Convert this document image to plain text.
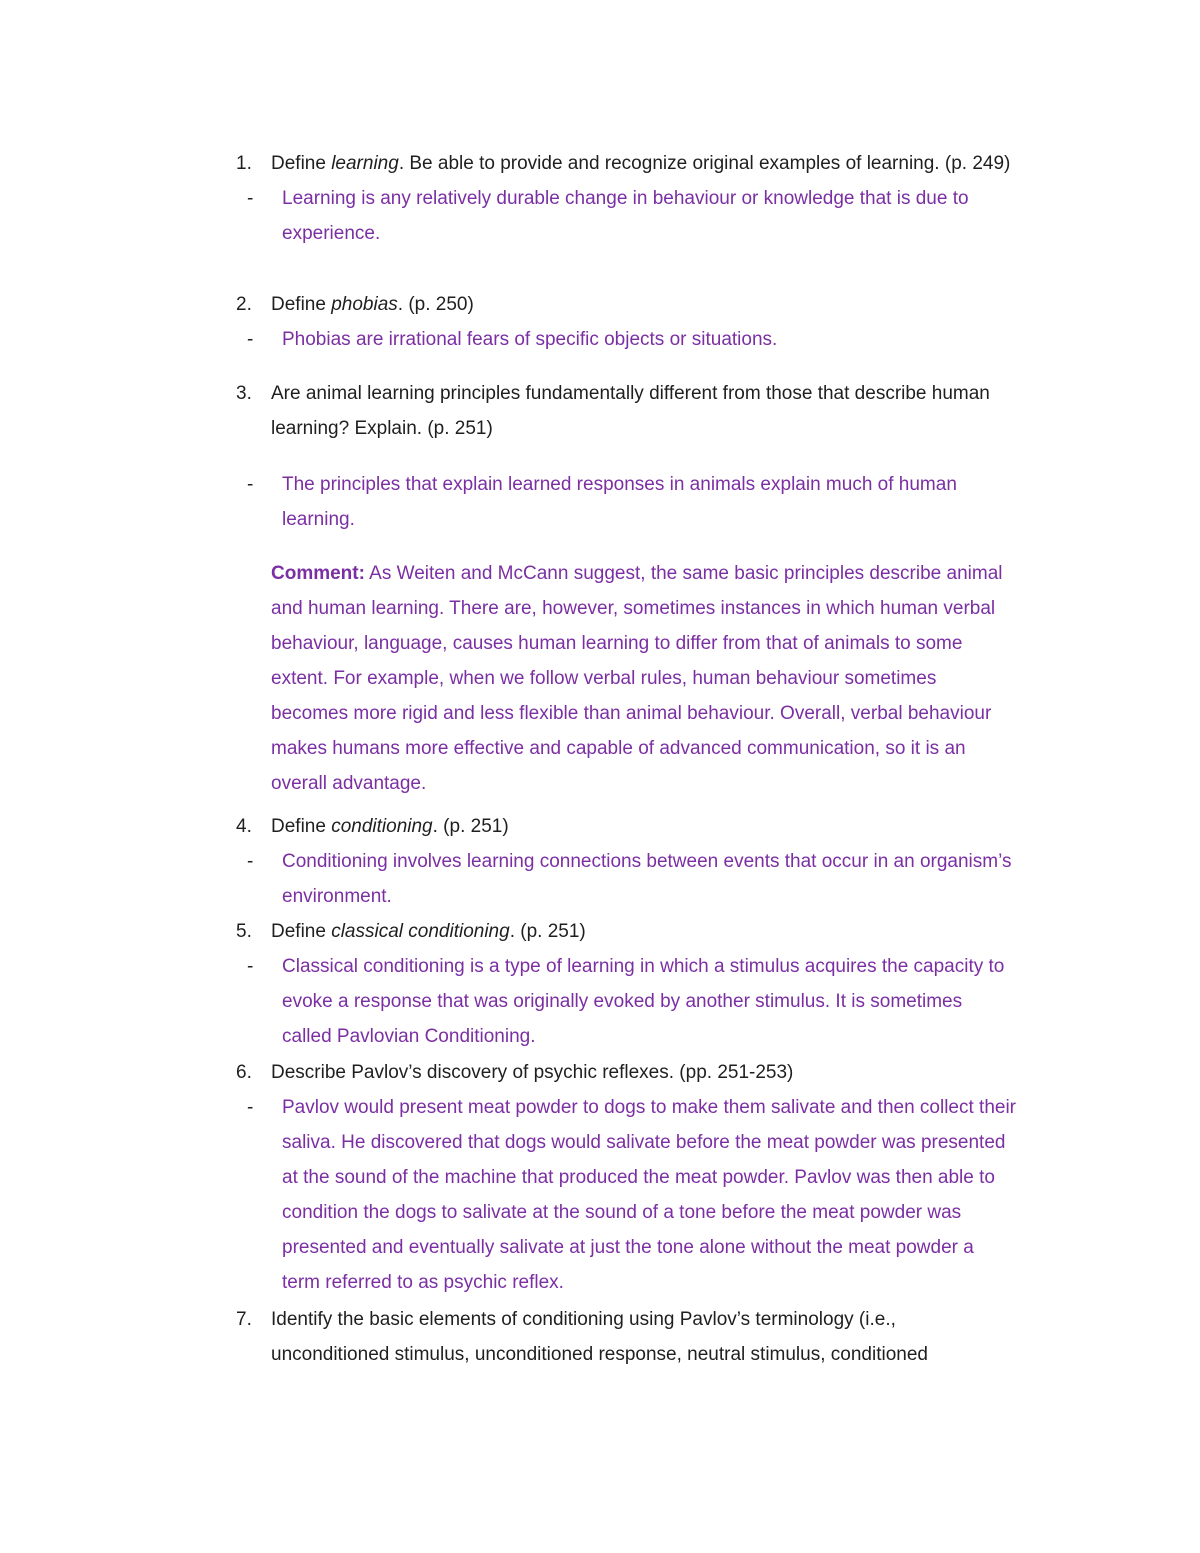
1.	Define learning. Be able to provide and recognize original examples of learning. (p. 249)
-	Learning is any relatively durable change in behaviour or knowledge that is due to experience.
2.	Define phobias. (p. 250)
-	Phobias are irrational fears of specific objects or situations.
3.	Are animal learning principles fundamentally different from those that describe human learning? Explain. (p. 251)
-	The principles that explain learned responses in animals explain much of human learning.
Comment: As Weiten and McCann suggest, the same basic principles describe animal and human learning. There are, however, sometimes instances in which human verbal behaviour, language, causes human learning to differ from that of animals to some extent. For example, when we follow verbal rules, human behaviour sometimes becomes more rigid and less flexible than animal behaviour. Overall, verbal behaviour makes humans more effective and capable of advanced communication, so it is an overall advantage.
4.	Define conditioning. (p. 251)
-	Conditioning involves learning connections between events that occur in an organism’s environment.
5.	Define classical conditioning. (p. 251)
-	Classical conditioning is a type of learning in which a stimulus acquires the capacity to evoke a response that was originally evoked by another stimulus. It is sometimes called Pavlovian Conditioning.
6.	Describe Pavlov’s discovery of psychic reflexes. (pp. 251-253)
-	Pavlov would present meat powder to dogs to make them salivate and then collect their saliva. He discovered that dogs would salivate before the meat powder was presented at the sound of the machine that produced the meat powder. Pavlov was then able to condition the dogs to salivate at the sound of a tone before the meat powder was presented and eventually salivate at just the tone alone without the meat powder a term referred to as psychic reflex.
7.	Identify the basic elements of conditioning using Pavlov’s terminology (i.e., unconditioned stimulus, unconditioned response, neutral stimulus, conditioned
